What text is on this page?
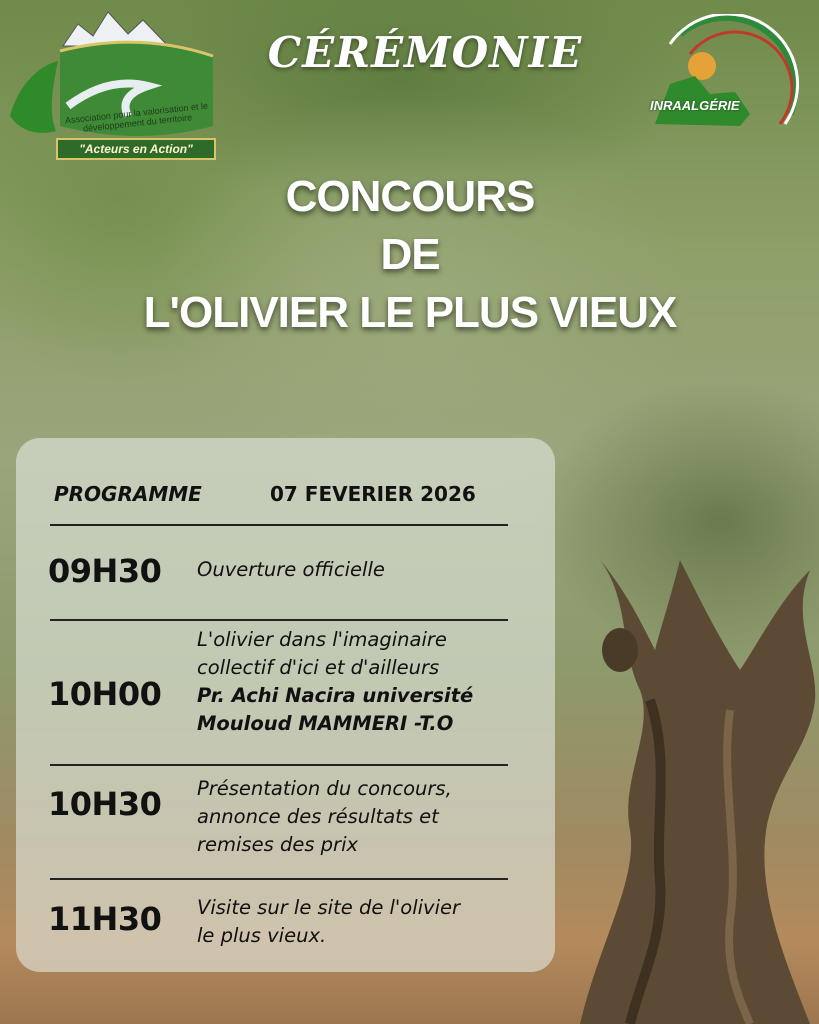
Association pour la valorisation et le développement du territoire
"Acteurs en Action"
INRAALGÉRIE
CÉRÉMONIE
CONCOURS
DE
L'OLIVIER LE PLUS VIEUX
PROGRAMME	07 FEVERIER 2026
09H30 Ouverture officielle
L'olivier dans l'imaginaire
collectif d'ici et d'ailleurs
Pr. Achi Nacira université
Mouloud MAMMERI -T.O
10H00
10H30 Présentation du concours,
annonce des résultats et
remises des prix
11H30 Visite sur le site de l'olivier
le plus vieux.
